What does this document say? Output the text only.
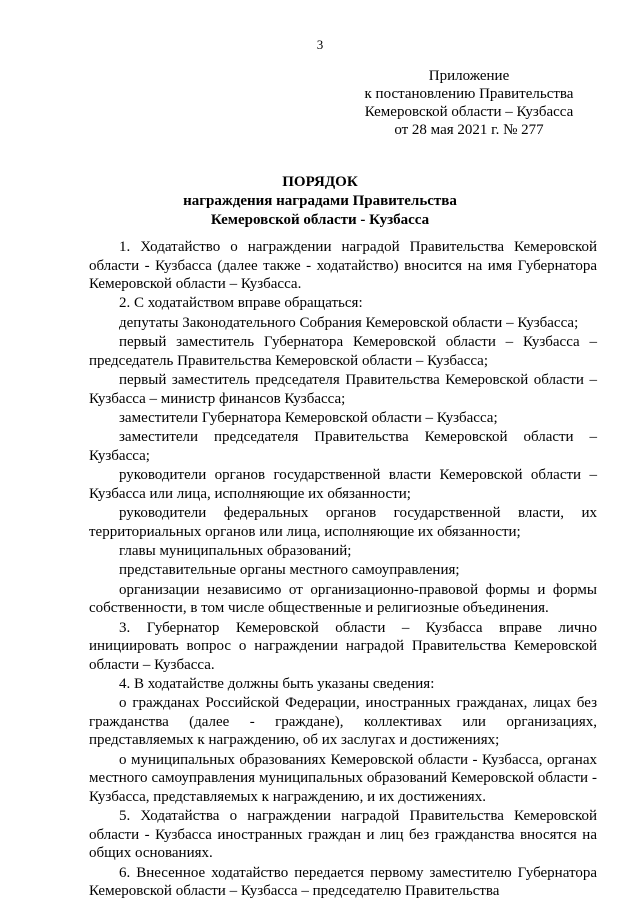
3
Приложение
к постановлению Правительства
Кемеровской области – Кузбасса
от 28 мая 2021 г. № 277
ПОРЯДОК
награждения наградами Правительства
Кемеровской области - Кузбасса

1. Ходатайство о награждении наградой Правительства Кемеровской области - Кузбасса (далее также - ходатайство) вносится на имя Губернатора Кемеровской области – Кузбасса.

2. С ходатайством вправе обращаться:

депутаты Законодательного Собрания Кемеровской области – Кузбасса;

первый заместитель Губернатора Кемеровской области – Кузбасса – председатель Правительства Кемеровской области – Кузбасса;

первый заместитель председателя Правительства Кемеровской области – Кузбасса – министр финансов Кузбасса;

заместители Губернатора Кемеровской области – Кузбасса;

заместители председателя Правительства Кемеровской области – Кузбасса;

руководители органов государственной власти Кемеровской области – Кузбасса или лица, исполняющие их обязанности;

руководители федеральных органов государственной власти, их территориальных органов или лица, исполняющие их обязанности;

главы муниципальных образований;

представительные органы местного самоуправления;

организации независимо от организационно-правовой формы и формы собственности, в том числе общественные и религиозные объединения.

3. Губернатор Кемеровской области – Кузбасса вправе лично инициировать вопрос о награждении наградой Правительства Кемеровской области – Кузбасса.

4. В ходатайстве должны быть указаны сведения:

о гражданах Российской Федерации, иностранных гражданах, лицах без гражданства (далее - граждане), коллективах или организациях, представляемых к награждению, об их заслугах и достижениях;

о муниципальных образованиях Кемеровской области - Кузбасса, органах местного самоуправления муниципальных образований Кемеровской области - Кузбасса, представляемых к награждению, и их достижениях.

5. Ходатайства о награждении наградой Правительства Кемеровской области - Кузбасса иностранных граждан и лиц без гражданства вносятся на общих основаниях.

6. Внесенное ходатайство передается первому заместителю Губернатора Кемеровской области – Кузбасса – председателю Правительства
